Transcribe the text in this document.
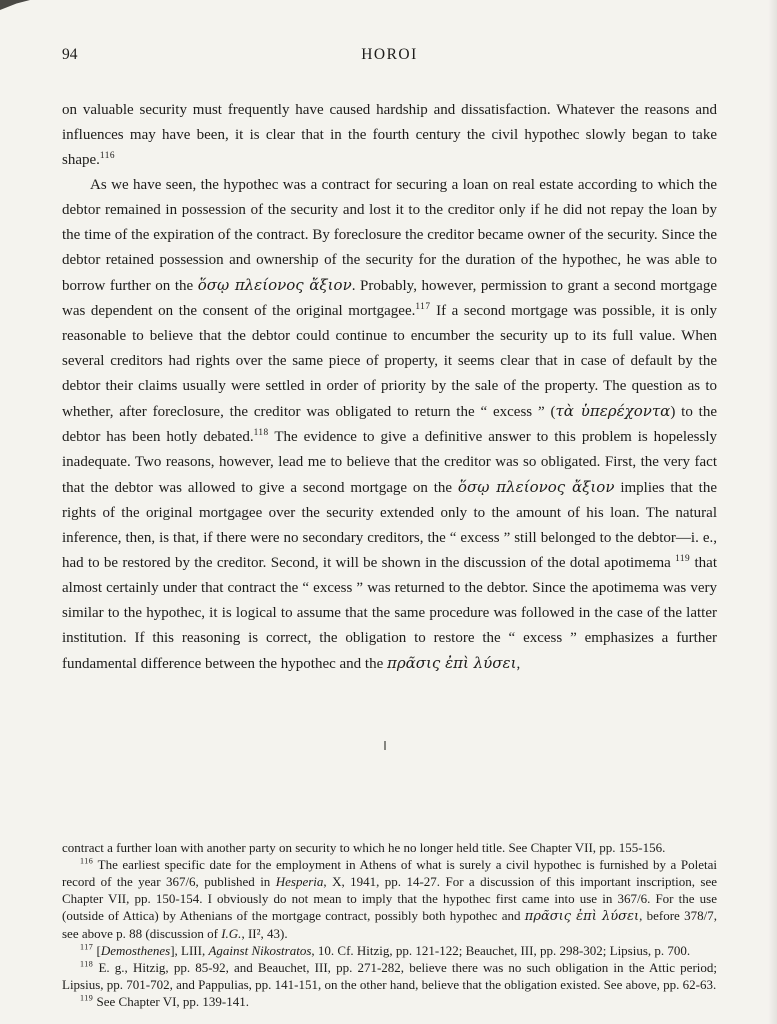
94	HOROI

on valuable security must frequently have caused hardship and dissatisfaction. Whatever the reasons and influences may have been, it is clear that in the fourth century the civil hypothec slowly began to take shape.$^{116}$

As we have seen, the hypothec was a contract for securing a loan on real estate according to which the debtor remained in possession of the security and lost it to the creditor only if he did not repay the loan by the time of the expiration of the contract. By foreclosure the creditor became owner of the security. Since the debtor retained possession and ownership of the security for the duration of the hypothec, he was able to borrow further on the ὅσῳ πλείονος ἄξιον. Probably, however, permission to grant a second mortgage was dependent on the consent of the original mortgagee.$^{117}$ If a second mortgage was possible, it is only reasonable to believe that the debtor could continue to encumber the security up to its full value. When several creditors had rights over the same piece of property, it seems clear that in case of default by the debtor their claims usually were settled in order of priority by the sale of the property. The question as to whether, after foreclosure, the creditor was obligated to return the “ excess ” (τὰ ὑπερέχοντα) to the debtor has been hotly debated.$^{118}$ The evidence to give a definitive answer to this problem is hopelessly inadequate. Two reasons, however, lead me to believe that the creditor was so obligated. First, the very fact that the debtor was allowed to give a second mortgage on the ὅσῳ πλείονος ἄξιον implies that the rights of the original mortgagee over the security extended only to the amount of his loan. The natural inference, then, is that, if there were no secondary creditors, the “ excess ” still belonged to the debtor—i. e., had to be restored by the creditor. Second, it will be shown in the discussion of the dotal apotimema $^{119}$ that almost certainly under that contract the “ excess ” was returned to the debtor. Since the apotimema was very similar to the hypothec, it is logical to assume that the same procedure was followed in the case of the latter institution. If this reasoning is correct, the obligation to restore the “ excess ” emphasizes a further fundamental difference between the hypothec and the πρᾶσις ἐπὶ λύσει,

contract a further loan with another party on security to which he no longer held title. See Chapter VII, pp. 155-156.

$^{116}$ The earliest specific date for the employment in Athens of what is surely a civil hypothec is furnished by a Poletai record of the year 367/6, published in Hesperia, X, 1941, pp. 14-27. For a discussion of this important inscription, see Chapter VII, pp. 150-154. I obviously do not mean to imply that the hypothec first came into use in 367/6. For the use (outside of Attica) by Athenians of the mortgage contract, possibly both hypothec and πρᾶσις ἐπὶ λύσει, before 378/7, see above p. 88 (discussion of I.G., II², 43).

$^{117}$ [Demosthenes], LIII, Against Nikostratos, 10. Cf. Hitzig, pp. 121-122; Beauchet, III, pp. 298-302; Lipsius, p. 700.

$^{118}$ E. g., Hitzig, pp. 85-92, and Beauchet, III, pp. 271-282, believe there was no such obligation in the Attic period; Lipsius, pp. 701-702, and Pappulias, pp. 141-151, on the other hand, believe that the obligation existed. See above, pp. 62-63.

$^{119}$ See Chapter VI, pp. 139-141.
